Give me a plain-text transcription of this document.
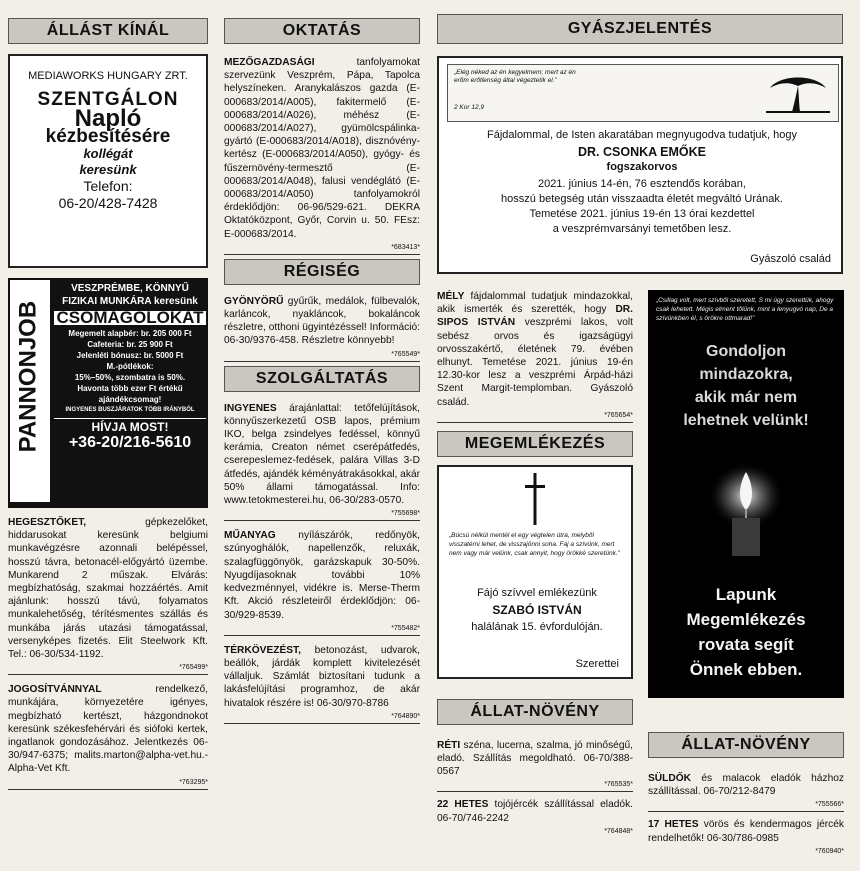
ÁLLÁST KÍNÁL
MEDIAWORKS HUNGARY ZRT.
SZENTGÁLON
Napló
kézbesítésére
kollégát
keresünk
Telefon:
06-20/428-7428
PANNONJOB	Nyt. szám: 2013/003/ ... engedélyszám
VESZPRÉMBE, KÖNNYŰ
FIZIKAI MUNKÁRA keresünk
CSOMAGOLÓKAT
Megemelt alapbér: br. 205 000 Ft
Cafeteria: br. 25 900 Ft
Jelenléti bónusz: br. 5000 Ft
M.-pótlékok:
15%–50%, szombatra is 50%.
Havonta több ezer Ft értékű
ajándékcsomag!
INGYENES BUSZJÁRATOK TÖBB IRÁNYBÓL
HÍVJA MOST!
+36-20/216-5610

HEGESZTŐKET, gépkezelőket, hiddarusokat keresünk belgiumi munkavégzésre azonnali belépéssel, hosszú távra, betonacél-előgyártó üzembe. Munkarend 2 műszak. Elvárás: megbízhatóság, szakmai hozzáértés. Amit ajánlunk: hosszú távú, folyamatos munkalehetőség, térítésmentes szállás és munkába járás utazási támogatással, versenyképes fizetés. Elit Steelwork Kft. Tel.: 06-30/534-1192.

*765499*

JOGOSÍTVÁNNYAL rendelkező, munkájára, környezetére igényes, megbízható kertészt, házgondnokot keresünk székesfehérvári és siófoki kertek, ingatlanok gondozásához. Jelentkezés 06-30/947-6375; malits.marton@alpha-vet.hu.- Alpha-Vet Kft.

*763295*
OKTATÁS

MEZŐGAZDASÁGI tanfolyamokat szervezünk Veszprém, Pápa, Tapolca helyszíneken. Aranykalászos gazda (E-000683/2014/A005), fakitermelő (E-000683/2014/A026), méhész (E-000683/2014/A027), gyümölcspálinka-gyártó (E-000683/2014/A018), disznóvény-kertész (E-000683/2014/A050), gyógy- és fűszernövény-termesztő (E-000683/2014/A048), falusi vendéglátó (E-000683/2014/A050) tanfolyamokról érdeklődjön: 06-96/529-621. DEKRA Oktatóközpont, Győr, Corvin u. 50. FEsz: E-000683/2014.

*683413*
RÉGISÉG

GYÖNYÖRŰ gyűrűk, medálok, fülbevalók, karláncok, nyakláncok, bokaláncok részletre, otthoni ügyintézéssel! Információ: 06-30/9376-458. Részletre könnyebb!

*765549*
SZOLGÁLTATÁS

INGYENES árajánlattal: tetőfelújítások, könnyűszerkezetű OSB lapos, prémium IKO, belga zsindelyes fedéssel, könnyű kerámia, Creaton német cserépátfedés, cserepeslemez-fedések, palára Villas 3-D átfedés, ajándék kéményátrakásokkal, akár 50% állami támogatással. Info: www.tetokmesterei.hu, 06-30/283-0570.

*755698*

MŰANYAG nyílászárók, redőnyök, szúnyoghálók, napellenzők, reluxák, szalagfüggönyök, garázskapuk 30-50%. Nyugdíjasoknak további 10% kedvezménnyel, vidékre is. Merse-Therm Kft. Akció részleteiről érdeklődjön: 06-30/929-8539.

*755482*

TÉRKÖVEZÉST, betonozást, udvarok, beállók, járdák komplett kivitelezését vállaljuk. Számlát biztosítani tudunk a lakásfelújítási programhoz, de akár hivatalok részére is! 06-30/970-8786

*764890*
GYÁSZJELENTÉS
„Elég néked az én kegyelmem; mert az én erőm erőtlenség által végeztetik el.”
2 Kor 12,9
Fájdalommal, de Isten akaratában megnyugodva tudatjuk, hogy
DR. CSONKA EMŐKE
fogszakorvos
2021. június 14-én, 76 esztendős korában,
hosszú betegség után visszaadta életét megváltó Urának.
Temetése 2021. június 19-én 13 órai kezdettel
a veszprémvarsányi temetőben lesz.
Gyászoló család

MÉLY fájdalommal tudatjuk mindazokkal, akik ismerték és szerették, hogy DR. SIPOS ISTVÁN veszprémi lakos, volt sebész orvos és igazságügyi orvosszakértő, életének 79. évében elhunyt. Temetése 2021. június 19-én 12.30-kor lesz a veszprémi Árpád-házi Szent Margit-templomban. Gyászoló család.

*765654*
MEGEMLÉKEZÉS
„Búcsú nélkül mentél el egy végtelen útra, melyből visszatérni lehet, de visszajönni soha. Fáj a szívünk, mert nem vagy már velünk, csak annyit, hogy örökké szeretünk.”
Fájó szívvel emlékezünk
SZABÓ ISTVÁN
halálának 15. évfordulóján.
Szerettei
ÁLLAT-NÖVÉNY

RÉTI széna, lucerna, szalma, jó minőségű, eladó. Szállítás megoldható. 06-70/388-0567

*765535*

22 HETES tojójércék szállítással eladók. 06-70/746-2242

*764848*
„Csillag volt, mert szívből szeretett, S mi úgy szerettük, ahogy csak lehetett. Mégis elment tőlünk, mint a lenyugvó nap, De a szívünkben él, s örökre ottmarad!”
Gondoljon
mindazokra,
akik már nem
lehetnek velünk!
Lapunk
Megemlékezés
rovata segít
Önnek ebben.
ÁLLAT-NÖVÉNY

SÜLDŐK és malacok eladók házhoz szállítással. 06-70/212-8479

*755566*

17 HETES vörös és kendermagos jércék rendelhetők! 06-30/786-0985

*760940*
